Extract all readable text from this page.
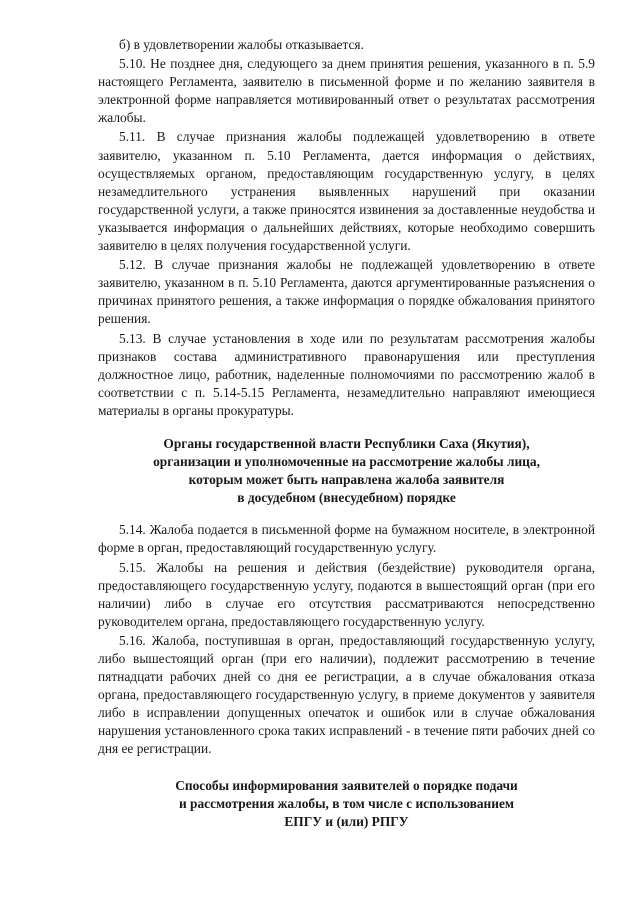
б) в удовлетворении жалобы отказывается.

5.10. Не позднее дня, следующего за днем принятия решения, указанного в п. 5.9 настоящего Регламента, заявителю в письменной форме и по желанию заявителя в электронной форме направляется мотивированный ответ о результатах рассмотрения жалобы.

5.11. В случае признания жалобы подлежащей удовлетворению в ответе заявителю, указанном п. 5.10 Регламента, дается информация о действиях, осуществляемых органом, предоставляющим государственную услугу, в целях незамедлительного устранения выявленных нарушений при оказании государственной услуги, а также приносятся извинения за доставленные неудобства и указывается информация о дальнейших действиях, которые необходимо совершить заявителю в целях получения государственной услуги.

5.12. В случае признания жалобы не подлежащей удовлетворению в ответе заявителю, указанном в п. 5.10 Регламента, даются аргументированные разъяснения о причинах принятого решения, а также информация о порядке обжалования принятого решения.

5.13. В случае установления в ходе или по результатам рассмотрения жалобы признаков состава административного правонарушения или преступления должностное лицо, работник, наделенные полномочиями по рассмотрению жалоб в соответствии с п. 5.14-5.15 Регламента, незамедлительно направляют имеющиеся материалы в органы прокуратуры.

Органы государственной власти Республики Саха (Якутия),
организации и уполномоченные на рассмотрение жалобы лица,
которым может быть направлена жалоба заявителя
в досудебном (внесудебном) порядке

5.14. Жалоба подается в письменной форме на бумажном носителе, в электронной форме в орган, предоставляющий государственную услугу.

5.15. Жалобы на решения и действия (бездействие) руководителя органа, предоставляющего государственную услугу, подаются в вышестоящий орган (при его наличии) либо в случае его отсутствия рассматриваются непосредственно руководителем органа, предоставляющего государственную услугу.

5.16. Жалоба, поступившая в орган, предоставляющий государственную услугу, либо вышестоящий орган (при его наличии), подлежит рассмотрению в течение пятнадцати рабочих дней со дня ее регистрации, а в случае обжалования отказа органа, предоставляющего государственную услугу, в приеме документов у заявителя либо в исправлении допущенных опечаток и ошибок или в случае обжалования нарушения установленного срока таких исправлений - в течение пяти рабочих дней со дня ее регистрации.

Способы информирования заявителей о порядке подачи
и рассмотрения жалобы, в том числе с использованием
ЕПГУ и (или) РПГУ
